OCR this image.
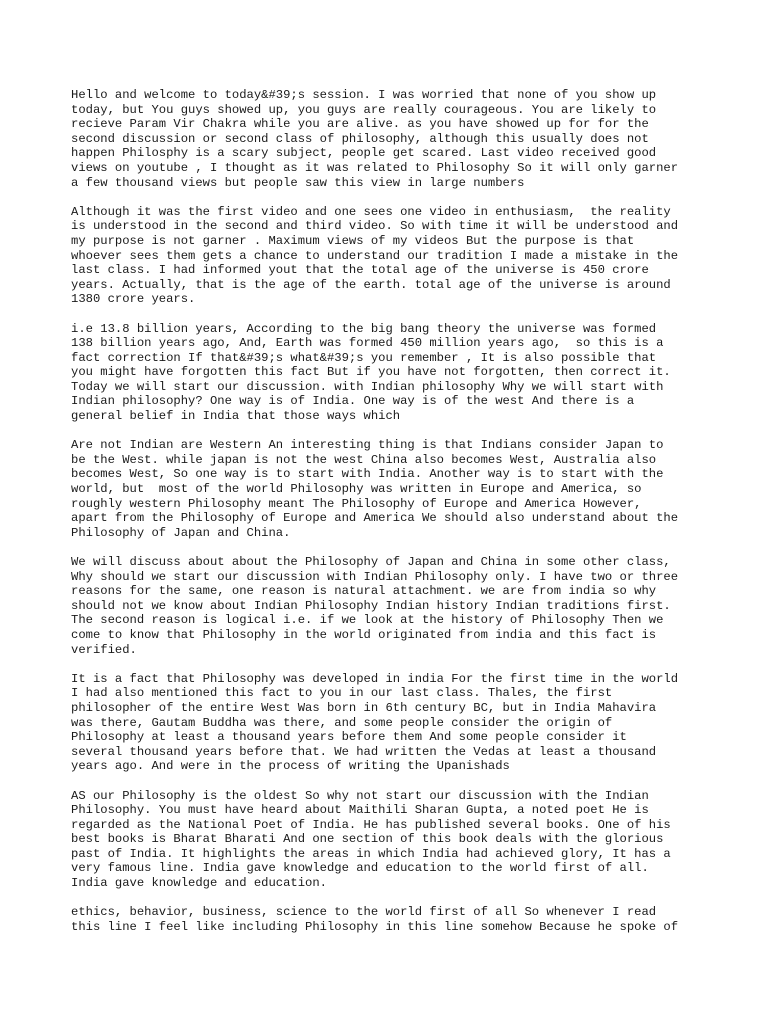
Hello and welcome to today&#39;s session. I was worried that none of you show up
today, but You guys showed up, you guys are really courageous. You are likely to
recieve Param Vir Chakra while you are alive. as you have showed up for for the
second discussion or second class of philosophy, although this usually does not
happen Philosphy is a scary subject, people get scared. Last video received good
views on youtube , I thought as it was related to Philosophy So it will only garner
a few thousand views but people saw this view in large numbers

Although it was the first video and one sees one video in enthusiasm,  the reality
is understood in the second and third video. So with time it will be understood and
my purpose is not garner . Maximum views of my videos But the purpose is that
whoever sees them gets a chance to understand our tradition I made a mistake in the
last class. I had informed yout that the total age of the universe is 450 crore
years. Actually, that is the age of the earth. total age of the universe is around
1380 crore years.

i.e 13.8 billion years, According to the big bang theory the universe was formed
138 billion years ago, And, Earth was formed 450 million years ago,  so this is a
fact correction If that&#39;s what&#39;s you remember , It is also possible that
you might have forgotten this fact But if you have not forgotten, then correct it.
Today we will start our discussion. with Indian philosophy Why we will start with
Indian philosophy? One way is of India. One way is of the west And there is a
general belief in India that those ways which

Are not Indian are Western An interesting thing is that Indians consider Japan to
be the West. while japan is not the west China also becomes West, Australia also
becomes West, So one way is to start with India. Another way is to start with the
world, but  most of the world Philosophy was written in Europe and America, so
roughly western Philosophy meant The Philosophy of Europe and America However,
apart from the Philosophy of Europe and America We should also understand about the
Philosophy of Japan and China.

We will discuss about about the Philosophy of Japan and China in some other class,
Why should we start our discussion with Indian Philosophy only. I have two or three
reasons for the same, one reason is natural attachment. we are from india so why
should not we know about Indian Philosophy Indian history Indian traditions first.
The second reason is logical i.e. if we look at the history of Philosophy Then we
come to know that Philosophy in the world originated from india and this fact is
verified.

It is a fact that Philosophy was developed in india For the first time in the world
I had also mentioned this fact to you in our last class. Thales, the first
philosopher of the entire West Was born in 6th century BC, but in India Mahavira
was there, Gautam Buddha was there, and some people consider the origin of
Philosophy at least a thousand years before them And some people consider it
several thousand years before that. We had written the Vedas at least a thousand
years ago. And were in the process of writing the Upanishads

AS our Philosophy is the oldest So why not start our discussion with the Indian
Philosophy. You must have heard about Maithili Sharan Gupta, a noted poet He is
regarded as the National Poet of India. He has published several books. One of his
best books is Bharat Bharati And one section of this book deals with the glorious
past of India. It highlights the areas in which India had achieved glory, It has a
very famous line. India gave knowledge and education to the world first of all.
India gave knowledge and education.

ethics, behavior, business, science to the world first of all So whenever I read
this line I feel like including Philosophy in this line somehow Because he spoke of
